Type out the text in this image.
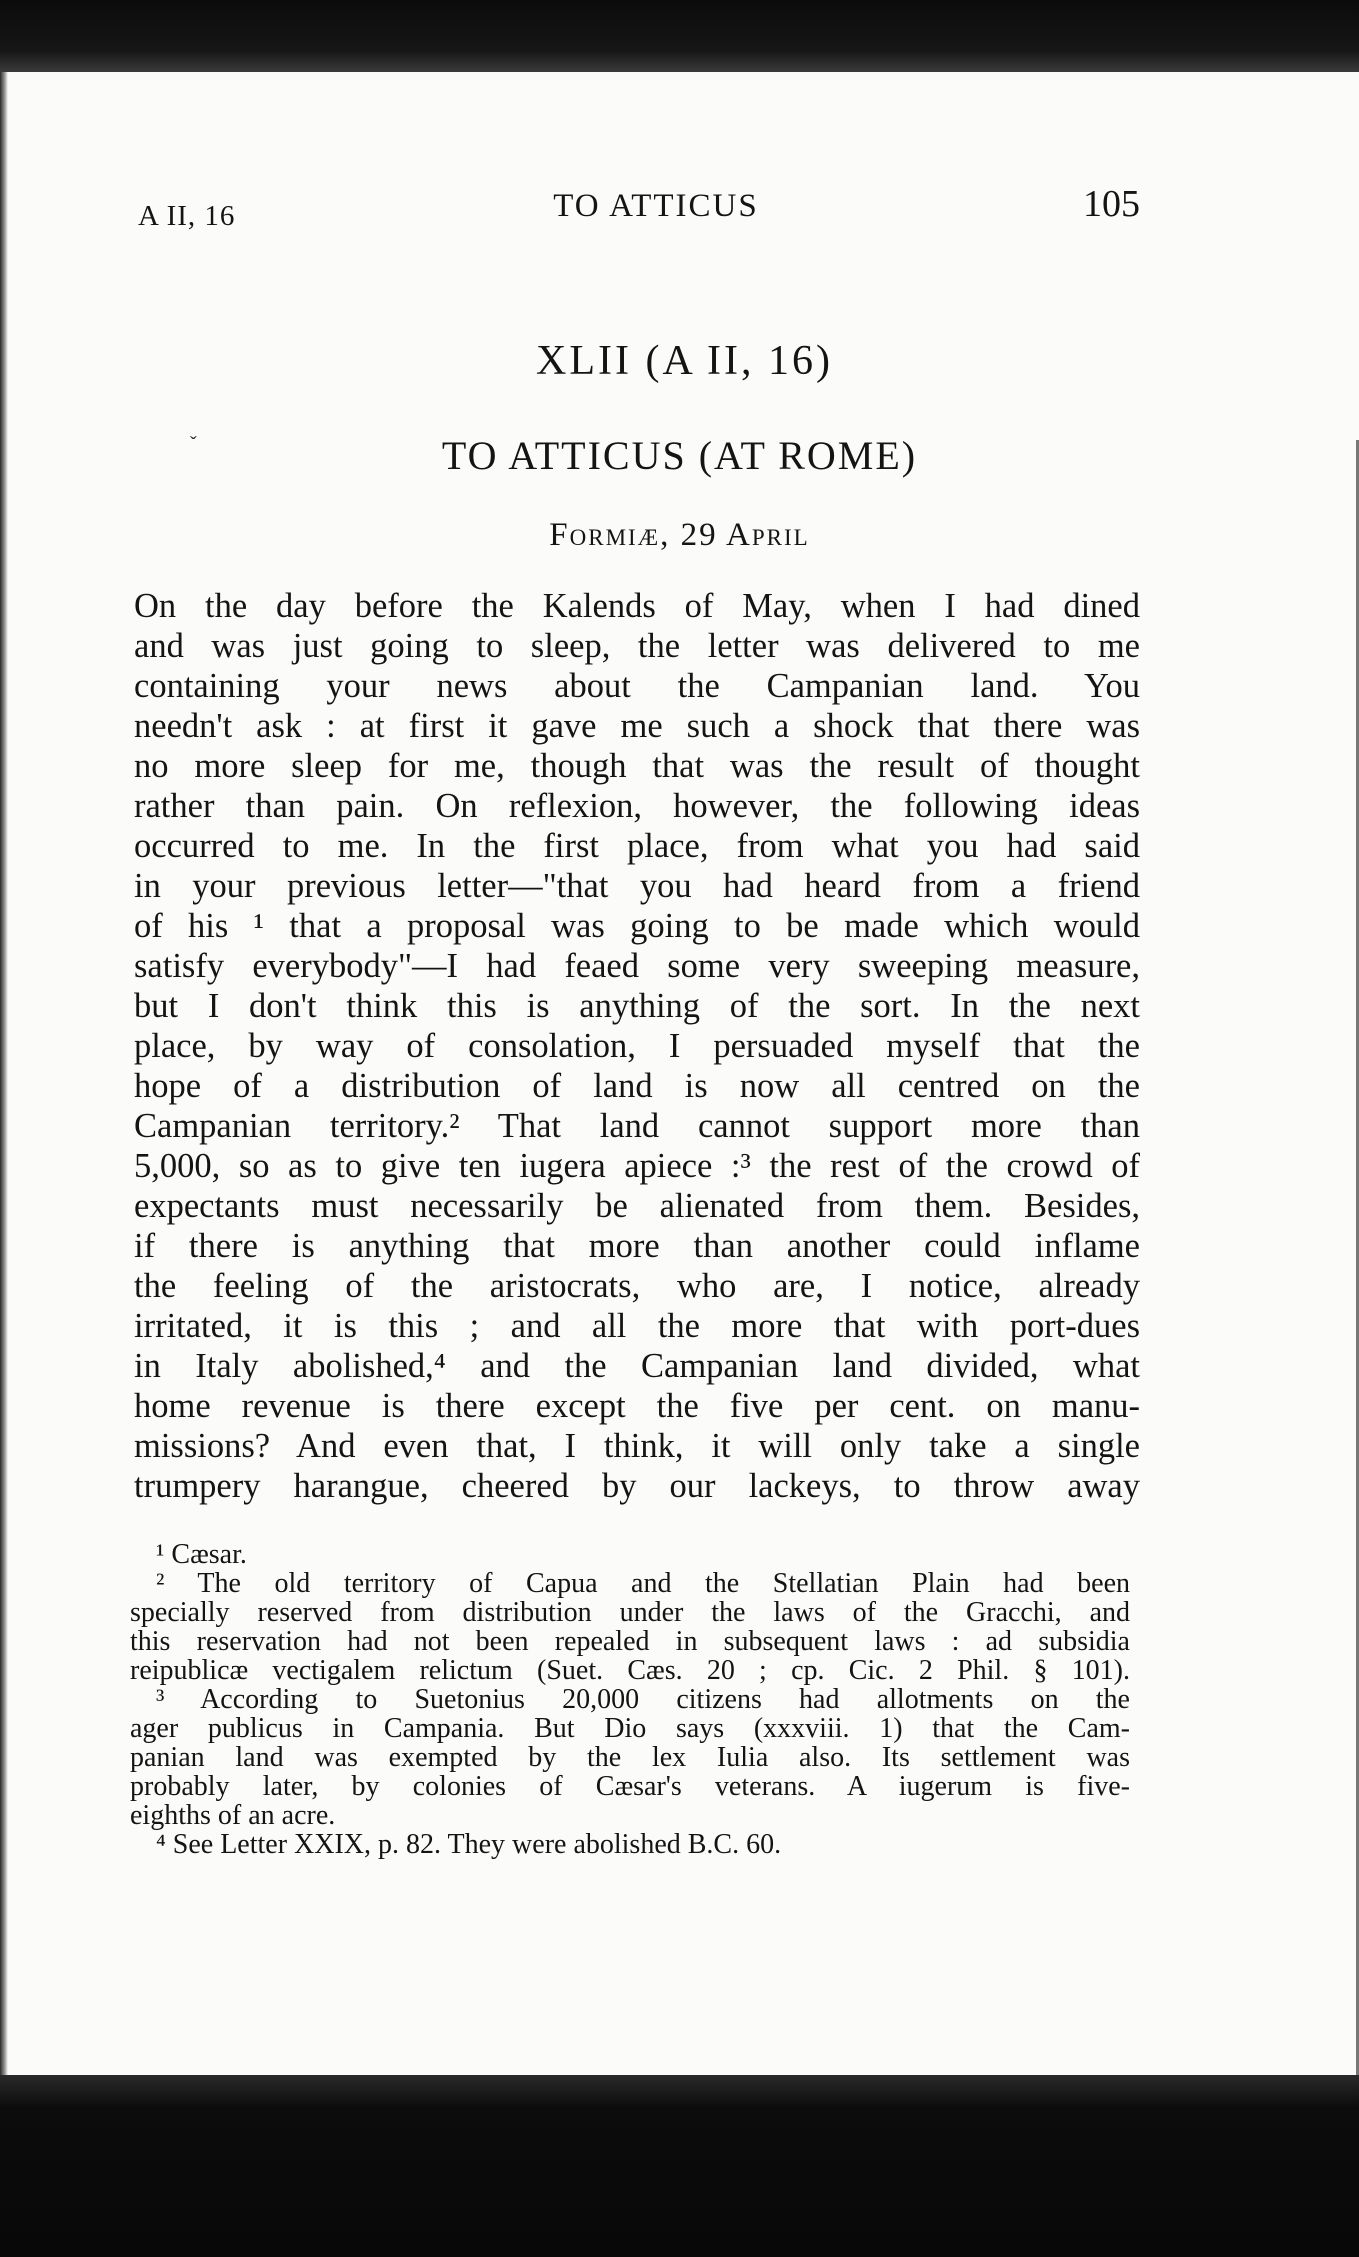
ˇ
A II, 16	TO ATTICUS	105
XLII (A II, 16)
TO ATTICUS (AT ROME)
Formiæ, 29 April
On the day before the Kalends of May, when I had dined
and was just going to sleep, the letter was delivered to me
containing your news about the Campanian land. You
needn't ask : at first it gave me such a shock that there was
no more sleep for me, though that was the result of thought
rather than pain. On reflexion, however, the following ideas
occurred to me. In the first place, from what you had said
in your previous letter—"that you had heard from a friend
of his ¹ that a proposal was going to be made which would
satisfy everybody"—I had feaed some very sweeping measure,
but I don't think this is anything of the sort. In the next
place, by way of consolation, I persuaded myself that the
hope of a distribution of land is now all centred on the
Campanian territory.² That land cannot support more than
5,000, so as to give ten iugera apiece :³ the rest of the crowd of
expectants must necessarily be alienated from them. Besides,
if there is anything that more than another could inflame
the feeling of the aristocrats, who are, I notice, already
irritated, it is this ; and all the more that with port-dues
in Italy abolished,⁴ and the Campanian land divided, what
home revenue is there except the five per cent. on manu-
missions? And even that, I think, it will only take a single
trumpery harangue, cheered by our lackeys, to throw away
¹ Cæsar.
² The old territory of Capua and the Stellatian Plain had been
specially reserved from distribution under the laws of the Gracchi, and
this reservation had not been repealed in subsequent laws : ad subsidia
reipublicæ vectigalem relictum (Suet. Cæs. 20 ; cp. Cic. 2 Phil. § 101).
³ According to Suetonius 20,000 citizens had allotments on the
ager publicus in Campania. But Dio says (xxxviii. 1) that the Cam-
panian land was exempted by the lex Iulia also. Its settlement was
probably later, by colonies of Cæsar's veterans. A iugerum is five-
eighths of an acre.
⁴ See Letter XXIX, p. 82. They were abolished B.C. 60.
